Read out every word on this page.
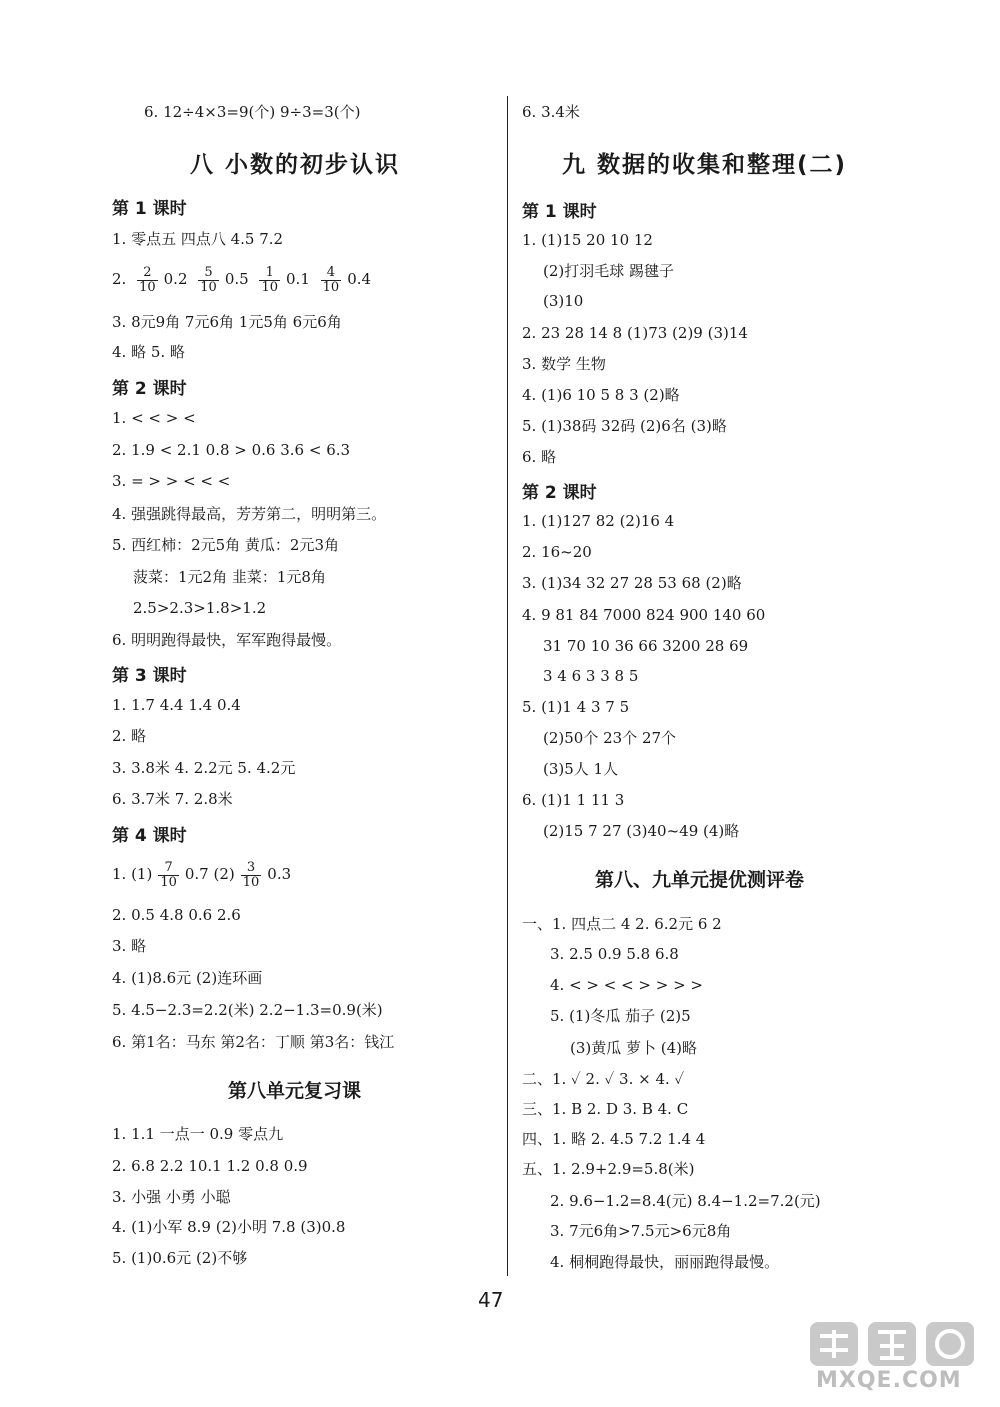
6. 12÷4×3=9(个) 9÷3=3(个)
八 小数的初步认识
第 1 课时
1. 零点五 四点八 4.5 7.2
2. $\frac{2}{10} 0.2 \frac{5}{10} 0.5 \frac{1}{10} 0.1 \frac{4}{10} 0.4$
3. 8元9角 7元6角 1元5角 6元6角
4. 略 5. 略
第 2 课时
1. < < > <
2. 1.9 < 2.1 0.8 > 0.6 3.6 < 6.3
3. = > > < < <
4. 强强跳得最高，芳芳第二，明明第三。
5. 西红柿：2元5角 黄瓜：2元3角
菠菜：1元2角 韭菜：1元8角
2.5>2.3>1.8>1.2
6. 明明跑得最快，军军跑得最慢。
第 3 课时
1. 1.7 4.4 1.4 0.4
2. 略
3. 3.8米 4. 2.2元 5. 4.2元
6. 3.7米 7. 2.8米
第 4 课时
1. $(1) \frac{7}{10} 0.7$ $(2) \frac{3}{10} 0.3$
2. 0.5 4.8 0.6 2.6
3. 略
4. (1)8.6元 (2)连环画
5. 4.5−2.3=2.2(米) 2.2−1.3=0.9(米)
6. 第1名：马东 第2名：丁顺 第3名：钱江
第八单元复习课
1. 1.1 一点一 0.9 零点九
2. 6.8 2.2 10.1 1.2 0.8 0.9
3. 小强 小勇 小聪
4. (1)小军 8.9 (2)小明 7.8 (3)0.8
5. (1)0.6元 (2)不够
6. 3.4米
九 数据的收集和整理(二)
第 1 课时
1. (1)15 20 10 12
(2)打羽毛球 踢毽子
(3)10
2. 23 28 14 8 (1)73 (2)9 (3)14
3. 数学 生物
4. (1)6 10 5 8 3 (2)略
5. (1)38码 32码 (2)6名 (3)略
6. 略
第 2 课时
1. (1)127 82 (2)16 4
2. 16~20
3. (1)34 32 27 28 53 68 (2)略
4. 9 81 84 7000 824 900 140 60
31 70 10 36 66 3200 28 69
3 4 6 3 3 8 5
5. (1)1 4 3 7 5
(2)50个 23个 27个
(3)5人 1人
6. (1)1 1 11 3
(2)15 7 27 (3)40~49 (4)略
第八、九单元提优测评卷
一、1. 四点二 4 2. 6.2元 6 2
3. 2.5 0.9 5.8 6.8
4. < > < < > > > >
5. (1)冬瓜 茄子 (2)5
(3)黄瓜 萝卜 (4)略
二、1. ✓ 2. ✓ 3. × 4. ✓
三、1. B 2. D 3. B 4. C
四、1. 略 2. 4.5 7.2 1.4 4
五、1. 2.9+2.9=5.8(米)
2. 9.6−1.2=8.4(元) 8.4−1.2=7.2(元)
3. 7元6角>7.5元>6元8角
4. 桐桐跑得最快，丽丽跑得最慢。
47
MXQE.COM
